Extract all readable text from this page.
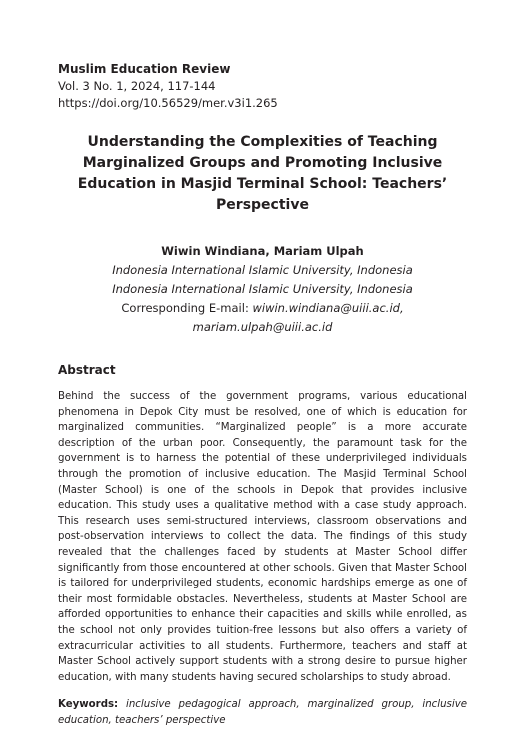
Muslim Education Review
Vol. 3 No. 1, 2024, 117-144
https://doi.org/10.56529/mer.v3i1.265
Understanding the Complexities of Teaching Marginalized Groups and Promoting Inclusive Education in Masjid Terminal School: Teachers’ Perspective
Wiwin Windiana, Mariam Ulpah
Indonesia International Islamic University, Indonesia
Indonesia International Islamic University, Indonesia
Corresponding E-mail: wiwin.windiana@uiii.ac.id,
mariam.ulpah@uiii.ac.id
Abstract
Behind the success of the government programs, various educational phenomena in Depok City must be resolved, one of which is education for marginalized communities. “Marginalized people” is a more accurate description of the urban poor. Consequently, the paramount task for the government is to harness the potential of these underprivileged individuals through the promotion of inclusive education. The Masjid Terminal School (Master School) is one of the schools in Depok that provides inclusive education. This study uses a qualitative method with a case study approach. This research uses semi-structured interviews, classroom observations and post-observation interviews to collect the data. The findings of this study revealed that the challenges faced by students at Master School differ significantly from those encountered at other schools. Given that Master School is tailored for underprivileged students, economic hardships emerge as one of their most formidable obstacles. Nevertheless, students at Master School are afforded opportunities to enhance their capacities and skills while enrolled, as the school not only provides tuition-free lessons but also offers a variety of extracurricular activities to all students. Furthermore, teachers and staff at Master School actively support students with a strong desire to pursue higher education, with many students having secured scholarships to study abroad.
Keywords: inclusive pedagogical approach, marginalized group, inclusive education, teachers’ perspective
